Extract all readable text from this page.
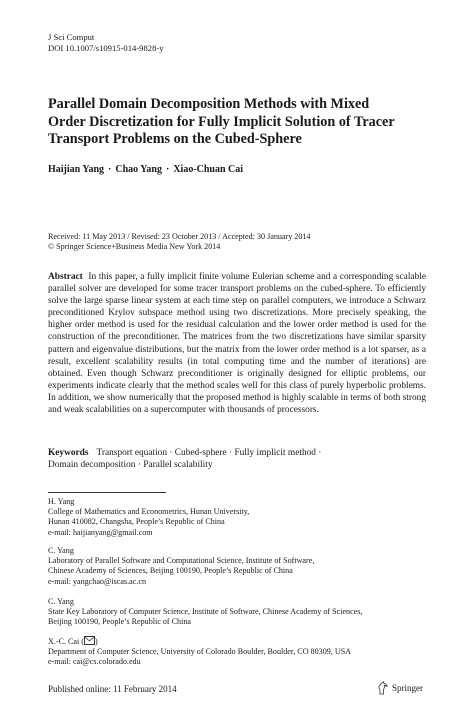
J Sci Comput
DOI 10.1007/s10915-014-9828-y
Parallel Domain Decomposition Methods with Mixed
Order Discretization for Fully Implicit Solution of Tracer
Transport Problems on the Cubed-Sphere
Haijian Yang · Chao Yang · Xiao-Chuan Cai
Received: 11 May 2013 / Revised: 23 October 2013 / Accepted: 30 January 2014
© Springer Science+Business Media New York 2014
Abstract In this paper, a fully implicit finite volume Eulerian scheme and a corresponding scalable parallel solver are developed for some tracer transport problems on the cubed-sphere. To efficiently solve the large sparse linear system at each time step on parallel computers, we introduce a Schwarz preconditioned Krylov subspace method using two discretizations. More precisely speaking, the higher order method is used for the residual calculation and the lower order method is used for the construction of the preconditioner. The matrices from the two discretizations have similar sparsity pattern and eigenvalue distributions, but the matrix from the lower order method is a lot sparser, as a result, excellent scalability results (in total computing time and the number of iterations) are obtained. Even though Schwarz preconditioner is originally designed for elliptic problems, our experiments indicate clearly that the method scales well for this class of purely hyperbolic problems. In addition, we show numerically that the proposed method is highly scalable in terms of both strong and weak scalabilities on a supercomputer with thousands of processors.
Keywords Transport equation · Cubed-sphere · Fully implicit method ·
Domain decomposition · Parallel scalability
H. Yang
College of Mathematics and Econometrics, Hunan University,
Hunan 410082, Changsha, People’s Republic of China
e-mail: haijianyang@gmail.com
C. Yang
Laboratory of Parallel Software and Computational Science, Institute of Software,
Chinese Academy of Sciences, Beijing 100190, People’s Republic of China
e-mail: yangchao@iscas.ac.cn
C. Yang
State Key Laboratory of Computer Science, Institute of Software, Chinese Academy of Sciences,
Beijing 100190, People’s Republic of China
X.-C. Cai ( )
Department of Computer Science, University of Colorado Boulder, Boulder, CO 80309, USA
e-mail: cai@cs.colorado.edu
Published online: 11 February 2014	Springer
